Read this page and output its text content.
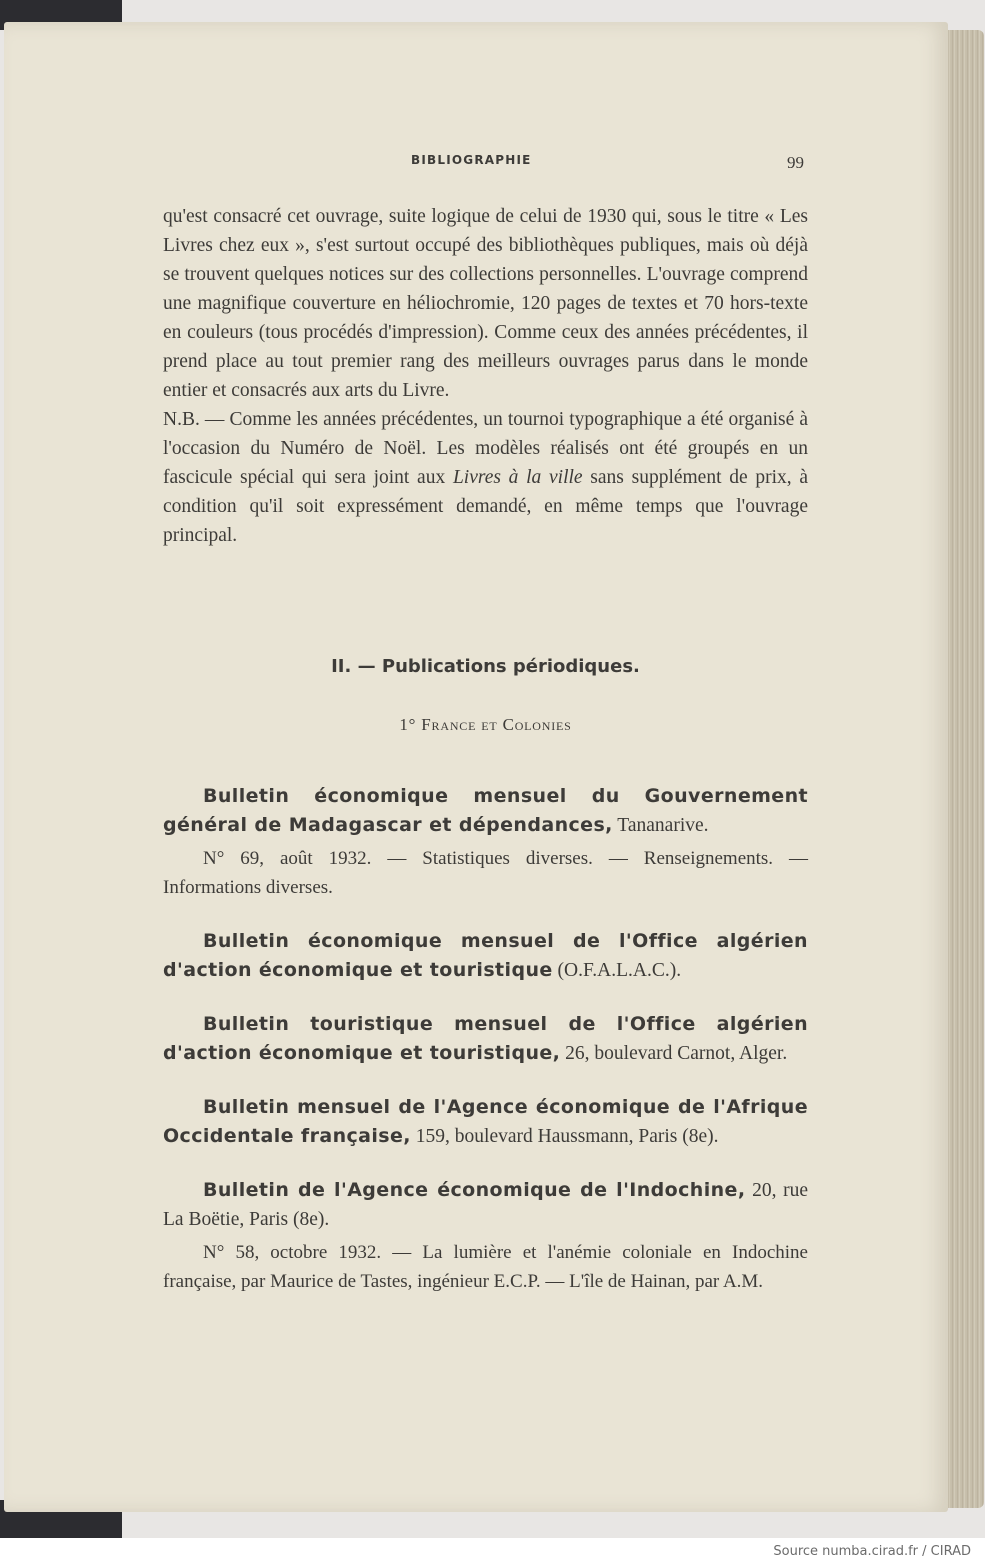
BIBLIOGRAPHIE	99

qu'est consacré cet ouvrage, suite logique de celui de 1930 qui, sous le titre « Les Livres chez eux », s'est surtout occupé des bibliothèques publiques, mais où déjà se trouvent quelques notices sur des collections personnelles. L'ouvrage comprend une magnifique couverture en héliochromie, 120 pages de textes et 70 hors-texte en couleurs (tous procédés d'impression). Comme ceux des années précédentes, il prend place au tout premier rang des meilleurs ouvrages parus dans le monde entier et consacrés aux arts du Livre.

N.B. — Comme les années précédentes, un tournoi typographique a été organisé à l'occasion du Numéro de Noël. Les modèles réalisés ont été groupés en un fascicule spécial qui sera joint aux Livres à la ville sans supplément de prix, à condition qu'il soit expressément demandé, en même temps que l'ouvrage principal.

II. — Publications périodiques.
1° France et Colonies

Bulletin économique mensuel du Gouvernement général de Madagascar et dépendances, Tananarive.

N° 69, août 1932. — Statistiques diverses. — Renseignements. — Informations diverses.

Bulletin économique mensuel de l'Office algérien d'action économique et touristique (O.F.A.L.A.C.).

Bulletin touristique mensuel de l'Office algérien d'action économique et touristique, 26, boulevard Carnot, Alger.

Bulletin mensuel de l'Agence économique de l'Afrique Occidentale française, 159, boulevard Haussmann, Paris (8e).

Bulletin de l'Agence économique de l'Indochine, 20, rue La Boëtie, Paris (8e).

N° 58, octobre 1932. — La lumière et l'anémie coloniale en Indochine française, par Maurice de Tastes, ingénieur E.C.P. — L'île de Hainan, par A.M.

Source numba.cirad.fr / CIRAD
